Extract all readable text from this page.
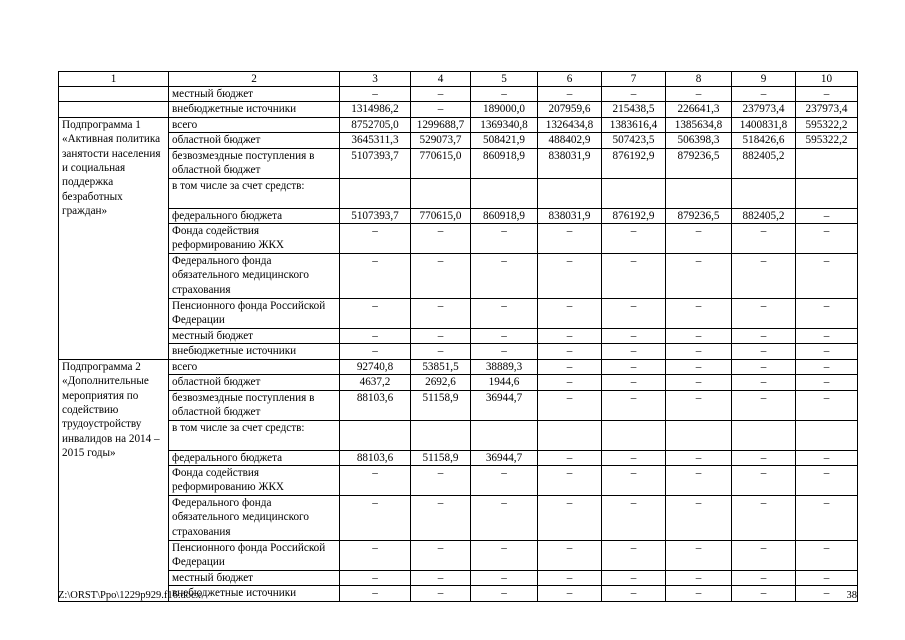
1	2	3	4	5	6	7	8	9	10
	местный бюджет	–	–	–	–	–	–	–	–
	внебюджетные источники	1314986,2	–	189000,0	207959,6	215438,5	226641,3	237973,4	237973,4
Подпрограмма 1 «Активная политика занятости населения и социальная поддержка безработных граждан»	всего	8752705,0	1299688,7	1369340,8	1326434,8	1383616,4	1385634,8	1400831,8	595322,2
	областной бюджет	3645311,3	529073,7	508421,9	488402,9	507423,5	506398,3	518426,6	595322,2
	безвозмездные поступления в областной бюджет	5107393,7	770615,0	860918,9	838031,9	876192,9	879236,5	882405,2	
	в том числе за счет средств:								
	федерального бюджета	5107393,7	770615,0	860918,9	838031,9	876192,9	879236,5	882405,2	–
	Фонда содействия реформированию ЖКХ	–	–	–	–	–	–	–	–
	Федерального фонда обязательного медицинского страхования	–	–	–	–	–	–	–	–
	Пенсионного фонда Российской Федерации	–	–	–	–	–	–	–	–
	местный бюджет	–	–	–	–	–	–	–	–
	внебюджетные источники	–	–	–	–	–	–	–	–
Подпрограмма 2 «Дополнительные мероприятия по содействию трудоустройству инвалидов на 2014 – 2015 годы»	всего	92740,8	53851,5	38889,3	–	–	–	–	–
	областной бюджет	4637,2	2692,6	1944,6	–	–	–	–	–
	безвозмездные поступления в областной бюджет	88103,6	51158,9	36944,7	–	–	–	–	–
	в том числе за счет средств:								
	федерального бюджета	88103,6	51158,9	36944,7	–	–	–	–	–
	Фонда содействия реформированию ЖКХ	–	–	–	–	–	–	–	–
	Федерального фонда обязательного медицинского страхования	–	–	–	–	–	–	–	–
	Пенсионного фонда Российской Федерации	–	–	–	–	–	–	–	–
	местный бюджет	–	–	–	–	–	–	–	–
	внебюджетные источники	–	–	–	–	–	–	–	–
Z:\ORST\Ppo\1229p929.f16.docx	38
